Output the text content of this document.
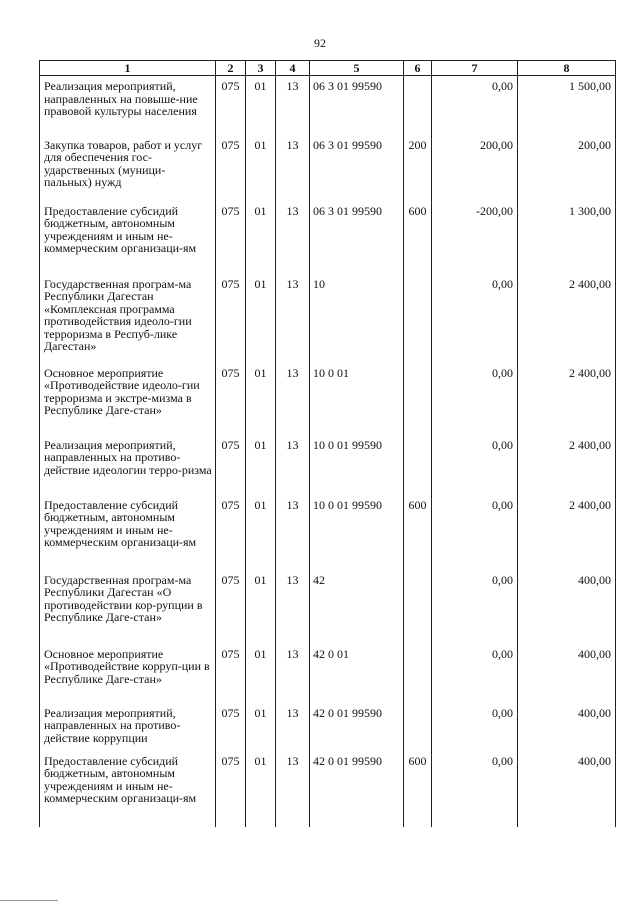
92
1	2	3	4	5	6	7	8
Реализация мероприятий, направленных на повыше-ние правовой культуры населения	075	01	13	06 3 01 99590		0,00	1 500,00
Закупка товаров, работ и услуг для обеспечения гос-ударственных (муници-пальных) нужд	075	01	13	06 3 01 99590	200	200,00	200,00
Предоставление субсидий бюджетным, автономным учреждениям и иным не-коммерческим организаци-ям	075	01	13	06 3 01 99590	600	-200,00	1 300,00
Государственная програм-ма Республики Дагестан «Комплексная программа противодействия идеоло-гии терроризма в Респуб-лике Дагестан»	075	01	13	10		0,00	2 400,00
Основное мероприятие «Противодействие идеоло-гии терроризма и экстре-мизма в Республике Даге-стан»	075	01	13	10 0 01		0,00	2 400,00
Реализация мероприятий, направленных на противо-действие идеологии терро-ризма	075	01	13	10 0 01 99590		0,00	2 400,00
Предоставление субсидий бюджетным, автономным учреждениям и иным не-коммерческим организаци-ям	075	01	13	10 0 01 99590	600	0,00	2 400,00
Государственная програм-ма Республики Дагестан «О противодействии кор-рупции в Республике Даге-стан»	075	01	13	42		0,00	400,00
Основное мероприятие «Противодействие корруп-ции в Республике Даге-стан»	075	01	13	42 0 01		0,00	400,00
Реализация мероприятий, направленных на противо-действие коррупции	075	01	13	42 0 01 99590		0,00	400,00
Предоставление субсидий бюджетным, автономным учреждениям и иным не-коммерческим организаци-ям	075	01	13	42 0 01 99590	600	0,00	400,00
